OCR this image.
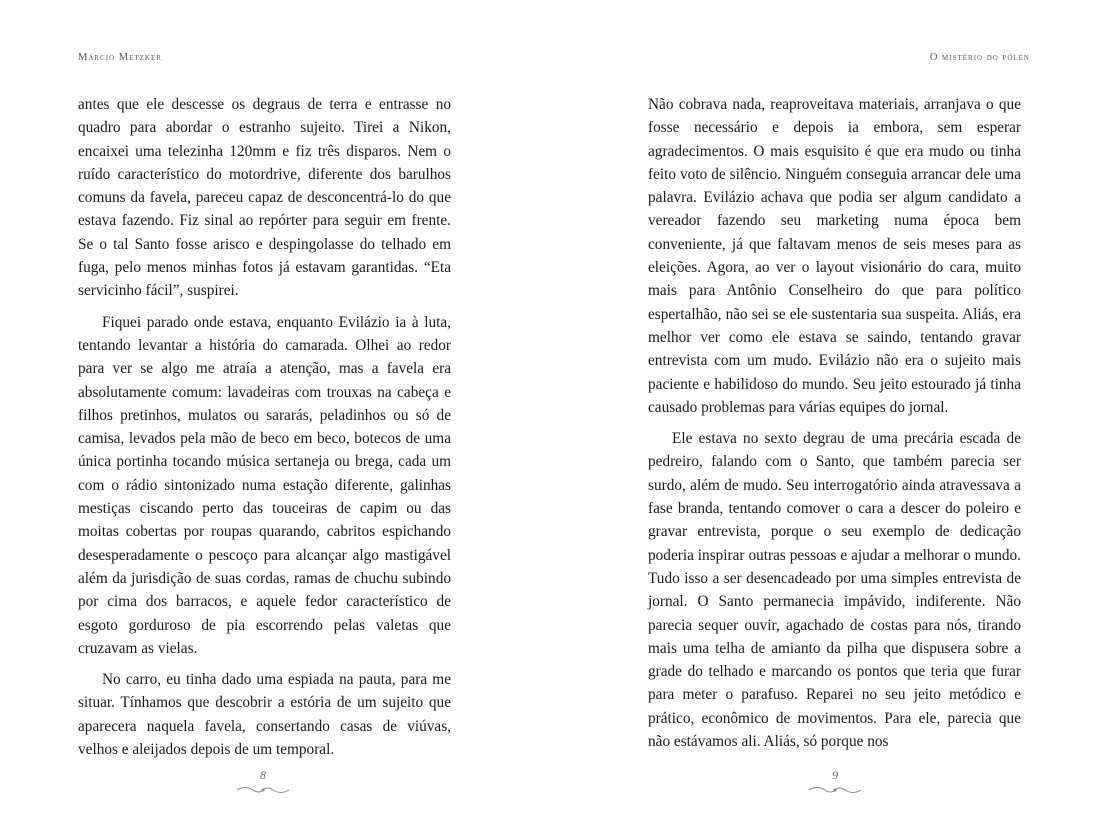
Márcio Metzker

antes que ele descesse os degraus de terra e entrasse no quadro para abordar o estranho sujeito. Tirei a Nikon, encaixei uma telezinha 120mm e fiz três disparos. Nem o ruído característico do motordrive, diferente dos barulhos comuns da favela, pareceu capaz de desconcentrá-lo do que estava fazendo. Fiz sinal ao repórter para seguir em frente. Se o tal Santo fosse arisco e despingolasse do telhado em fuga, pelo menos minhas fotos já estavam garantidas. “Eta servicinho fácil”, suspirei.

Fiquei parado onde estava, enquanto Evilázio ia à luta, tentando levantar a história do camarada. Olhei ao redor para ver se algo me atraía a atenção, mas a favela era absolutamente comum: lavadeiras com trouxas na cabeça e filhos pretinhos, mulatos ou sararás, peladinhos ou só de camisa, levados pela mão de beco em beco, botecos de uma única portinha tocando música sertaneja ou brega, cada um com o rádio sintonizado numa estação diferente, galinhas mestiças ciscando perto das touceiras de capim ou das moitas cobertas por roupas quarando, cabritos espichando desesperadamente o pescoço para alcançar algo mastigável além da jurisdição de suas cordas, ramas de chuchu subindo por cima dos barracos, e aquele fedor característico de esgoto gorduroso de pia escorrendo pelas valetas que cruzavam as vielas.

No carro, eu tinha dado uma espiada na pauta, para me situar. Tínhamos que descobrir a estória de um sujeito que aparecera naquela favela, consertando casas de viúvas, velhos e aleijados depois de um temporal.

8
O mistério do pólen

Não cobrava nada, reaproveitava materiais, arranjava o que fosse necessário e depois ia embora, sem esperar agradecimentos. O mais esquisito é que era mudo ou tinha feito voto de silêncio. Ninguém conseguia arrancar dele uma palavra. Evilázio achava que podia ser algum candidato a vereador fazendo seu marketing numa época bem conveniente, já que faltavam menos de seis meses para as eleições. Agora, ao ver o layout visionário do cara, muito mais para Antônio Conselheiro do que para político espertalhão, não sei se ele sustentaria sua suspeita. Aliás, era melhor ver como ele estava se saindo, tentando gravar entrevista com um mudo. Evilázio não era o sujeito mais paciente e habilidoso do mundo. Seu jeito estourado já tinha causado problemas para várias equipes do jornal.

Ele estava no sexto degrau de uma precária escada de pedreiro, falando com o Santo, que também parecia ser surdo, além de mudo. Seu interrogatório ainda atravessava a fase branda, tentando comover o cara a descer do poleiro e gravar entrevista, porque o seu exemplo de dedicação poderia inspirar outras pessoas e ajudar a melhorar o mundo. Tudo isso a ser desencadeado por uma simples entrevista de jornal. O Santo permanecia impávido, indiferente. Não parecia sequer ouvir, agachado de costas para nós, tirando mais uma telha de amianto da pilha que dispusera sobre a grade do telhado e marcando os pontos que teria que furar para meter o parafuso. Reparei no seu jeito metódico e prático, econômico de movimentos. Para ele, parecia que não estávamos ali. Aliás, só porque nos

9
